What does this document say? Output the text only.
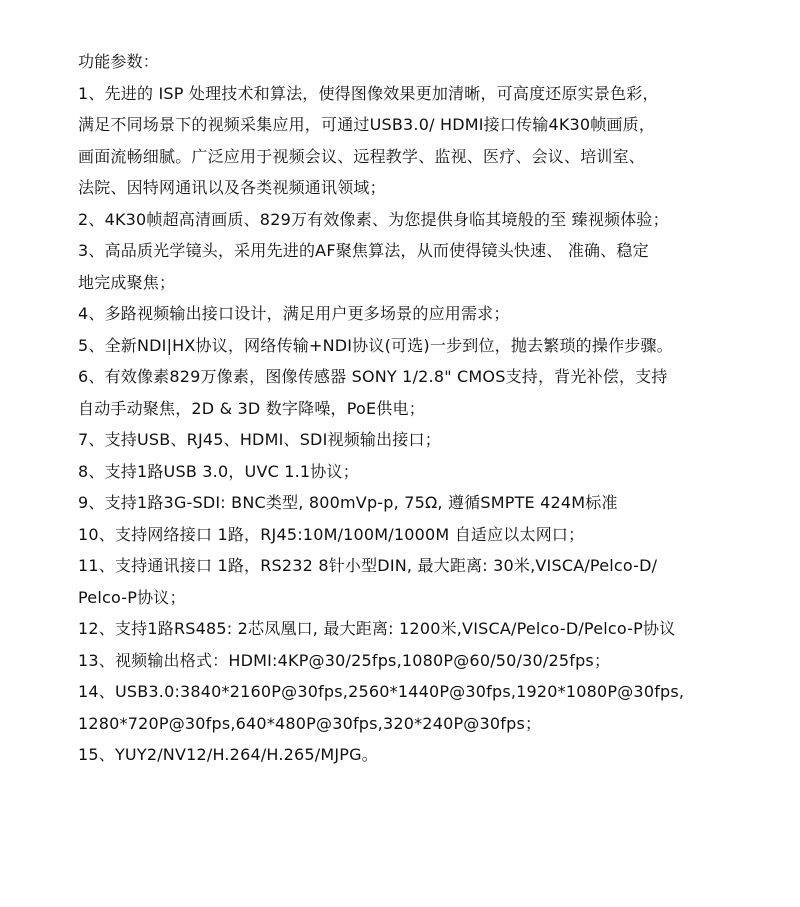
功能参数：
1、先进的 ISP 处理技术和算法，使得图像效果更加清晰，可高度还原实景色彩，
满足不同场景下的视频采集应用，可通过USB3.0/ HDMI接口传输4K30帧画质，
画面流畅细腻。广泛应用于视频会议、远程教学、监视、医疗、会议、培训室、
法院、因特网通讯以及各类视频通讯领域；
2、4K30帧超高清画质、829万有效像素、为您提供身临其境般的至 臻视频体验；
3、高品质光学镜头，采用先进的AF聚焦算法，从而使得镜头快速、 准确、稳定
地完成聚焦；
4、多路视频输出接口设计，满足用户更多场景的应用需求；
5、全新NDI|HX协议，网络传输+NDI协议(可选)一步到位，抛去繁琐的操作步骤。
6、有效像素829万像素，图像传感器 SONY 1/2.8" CMOS支持，背光补偿，支持
自动手动聚焦，2D & 3D 数字降噪，PoE供电；
7、支持USB、RJ45、HDMI、SDI视频输出接口；
8、支持1路USB 3.0，UVC 1.1协议；
9、支持1路3G-SDI: BNC类型, 800mVp-p, 75Ω, 遵循SMPTE 424M标准
10、支持网络接口 1路，RJ45:10M/100M/1000M 自适应以太网口；
11、支持通讯接口 1路，RS232 8针小型DIN, 最大距离: 30米,VISCA/Pelco-D/
Pelco-P协议；
12、支持1路RS485: 2芯凤凰口, 最大距离: 1200米,VISCA/Pelco-D/Pelco-P协议
13、视频输出格式：HDMI:4KP@30/25fps,1080P@60/50/30/25fps；
14、USB3.0:3840*2160P@30fps,2560*1440P@30fps,1920*1080P@30fps,
1280*720P@30fps,640*480P@30fps,320*240P@30fps；
15、YUY2/NV12/H.264/H.265/MJPG。
